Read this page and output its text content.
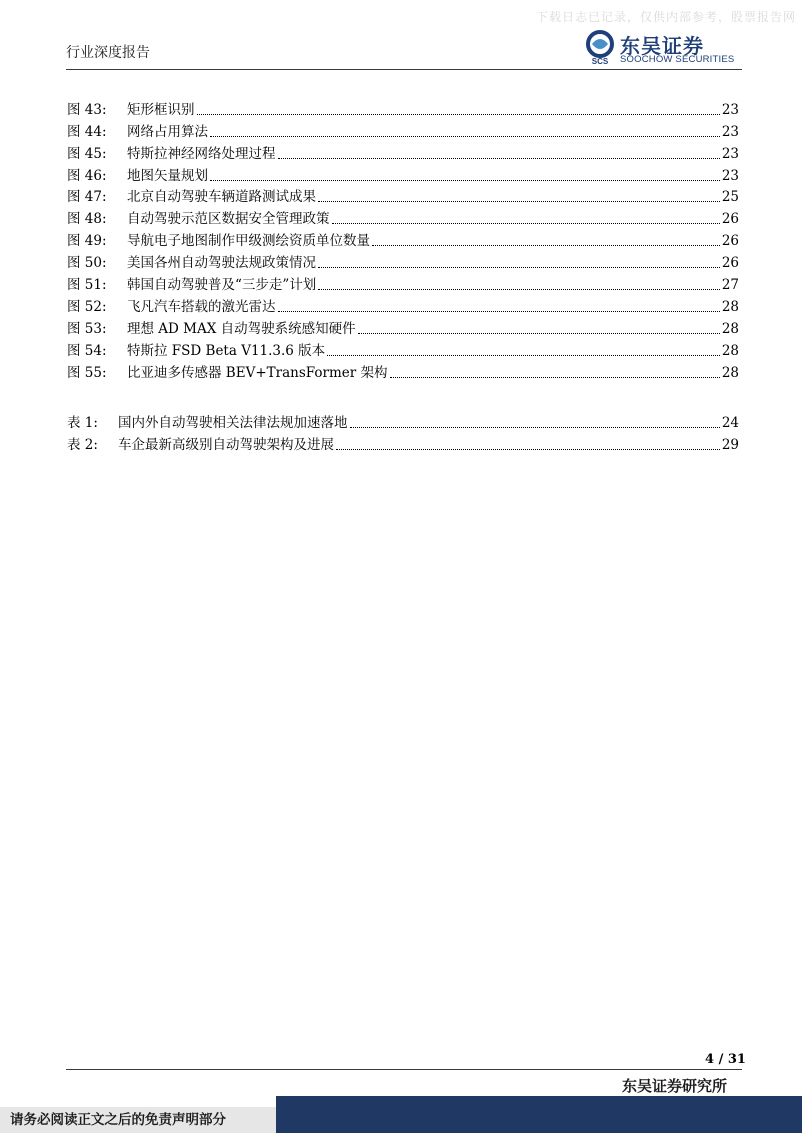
下载日志已记录，仅供内部参考，股票报告网
行业深度报告
SCS
东吴证券
SOOCHOW SECURITIES
图 43:	矩形框识别	23
图 44:	网络占用算法	23
图 45:	特斯拉神经网络处理过程	23
图 46:	地图矢量规划	23
图 47:	北京自动驾驶车辆道路测试成果	25
图 48:	自动驾驶示范区数据安全管理政策	26
图 49:	导航电子地图制作甲级测绘资质单位数量	26
图 50:	美国各州自动驾驶法规政策情况	26
图 51:	韩国自动驾驶普及“三步走”计划	27
图 52:	飞凡汽车搭载的激光雷达	28
图 53:	理想 AD MAX 自动驾驶系统感知硬件	28
图 54:	特斯拉 FSD Beta V11.3.6 版本	28
图 55:	比亚迪多传感器 BEV+TransFormer 架构	28
表 1:	国内外自动驾驶相关法律法规加速落地	24
表 2:	车企最新高级别自动驾驶架构及进展	29
4 / 31
东吴证券研究所
请务必阅读正文之后的免责声明部分
